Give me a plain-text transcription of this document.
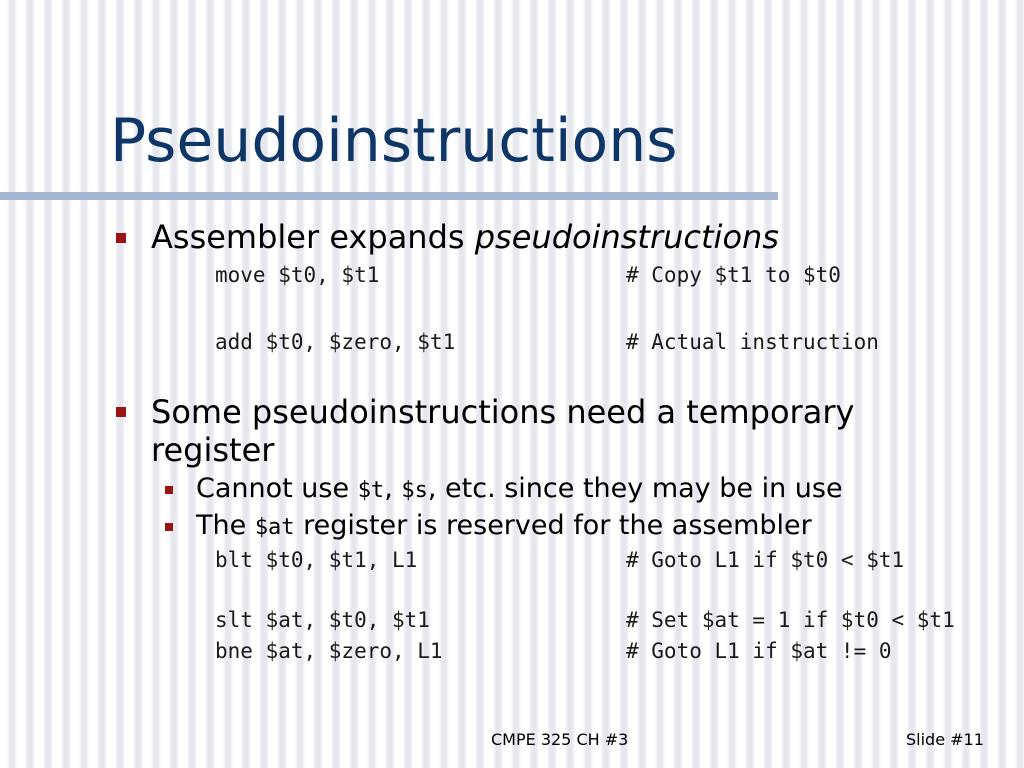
Pseudoinstructions
Assembler expands pseudoinstructions
move $t0, $t1	# Copy $t1 to $t0
add $t0, $zero, $t1	# Actual instruction
Some pseudoinstructions need a temporary
register
Cannot use $t, $s, etc. since they may be in use
The $at register is reserved for the assembler
blt $t0, $t1, L1	# Goto L1 if $t0 < $t1
slt $at, $t0, $t1	# Set $at = 1 if $t0 < $t1
bne $at, $zero, L1	# Goto L1 if $at != 0
CMPE 325 CH #3	Slide #11
